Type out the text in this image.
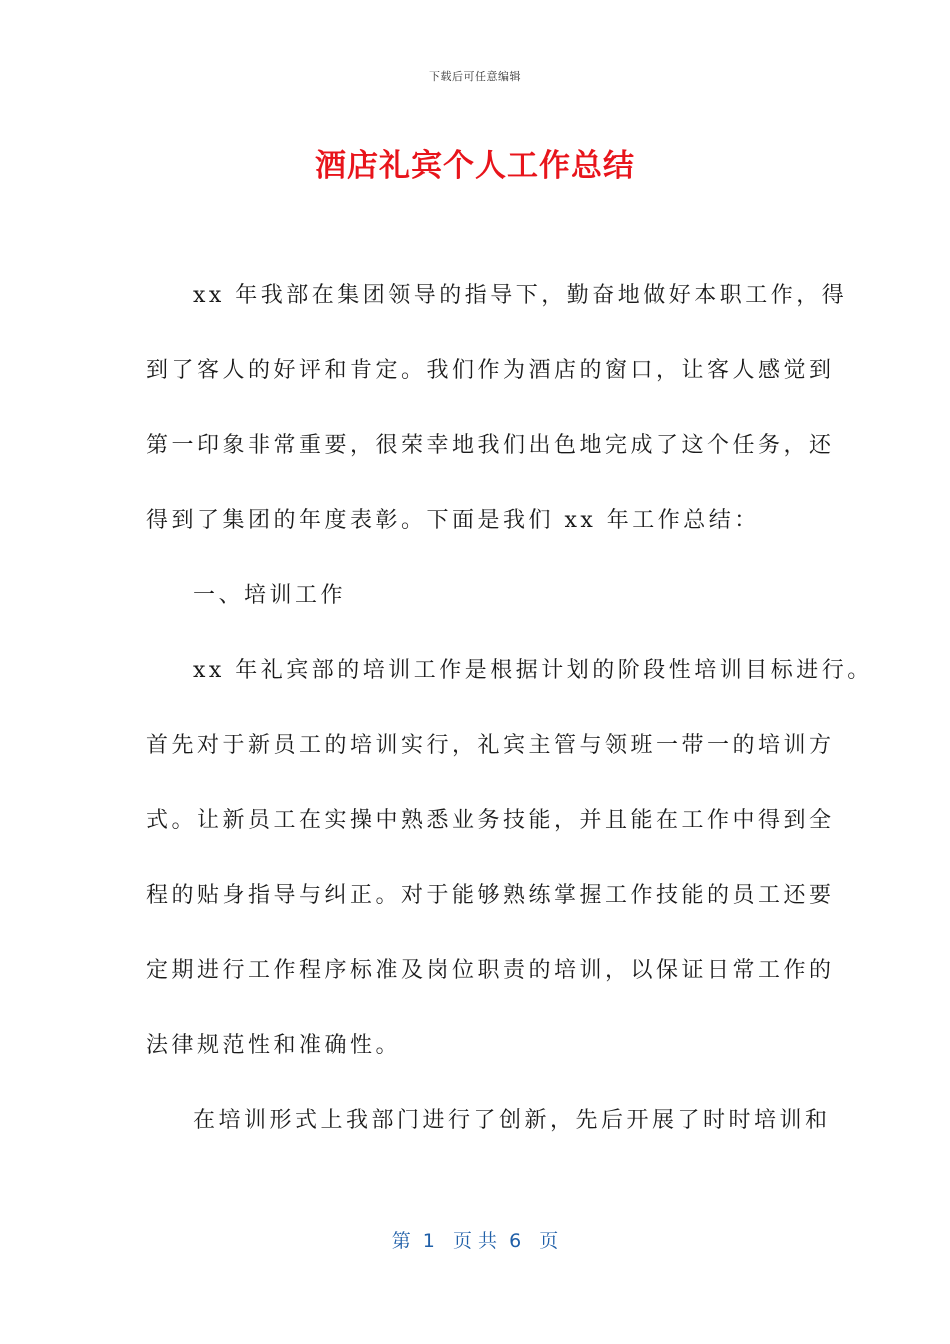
下载后可任意编辑
酒店礼宾个人工作总结
xx 年我部在集团领导的指导下，勤奋地做好本职工作，得
到了客人的好评和肯定。我们作为酒店的窗口，让客人感觉到
第一印象非常重要，很荣幸地我们出色地完成了这个任务，还
得到了集团的年度表彰。下面是我们 xx 年工作总结：
一、培训工作
xx 年礼宾部的培训工作是根据计划的阶段性培训目标进行。
首先对于新员工的培训实行，礼宾主管与领班一带一的培训方
式。让新员工在实操中熟悉业务技能，并且能在工作中得到全
程的贴身指导与纠正。对于能够熟练掌握工作技能的员工还要
定期进行工作程序标准及岗位职责的培训，以保证日常工作的
法律规范性和准确性。
在培训形式上我部门进行了创新，先后开展了时时培训和
第  1   页 共  6   页
